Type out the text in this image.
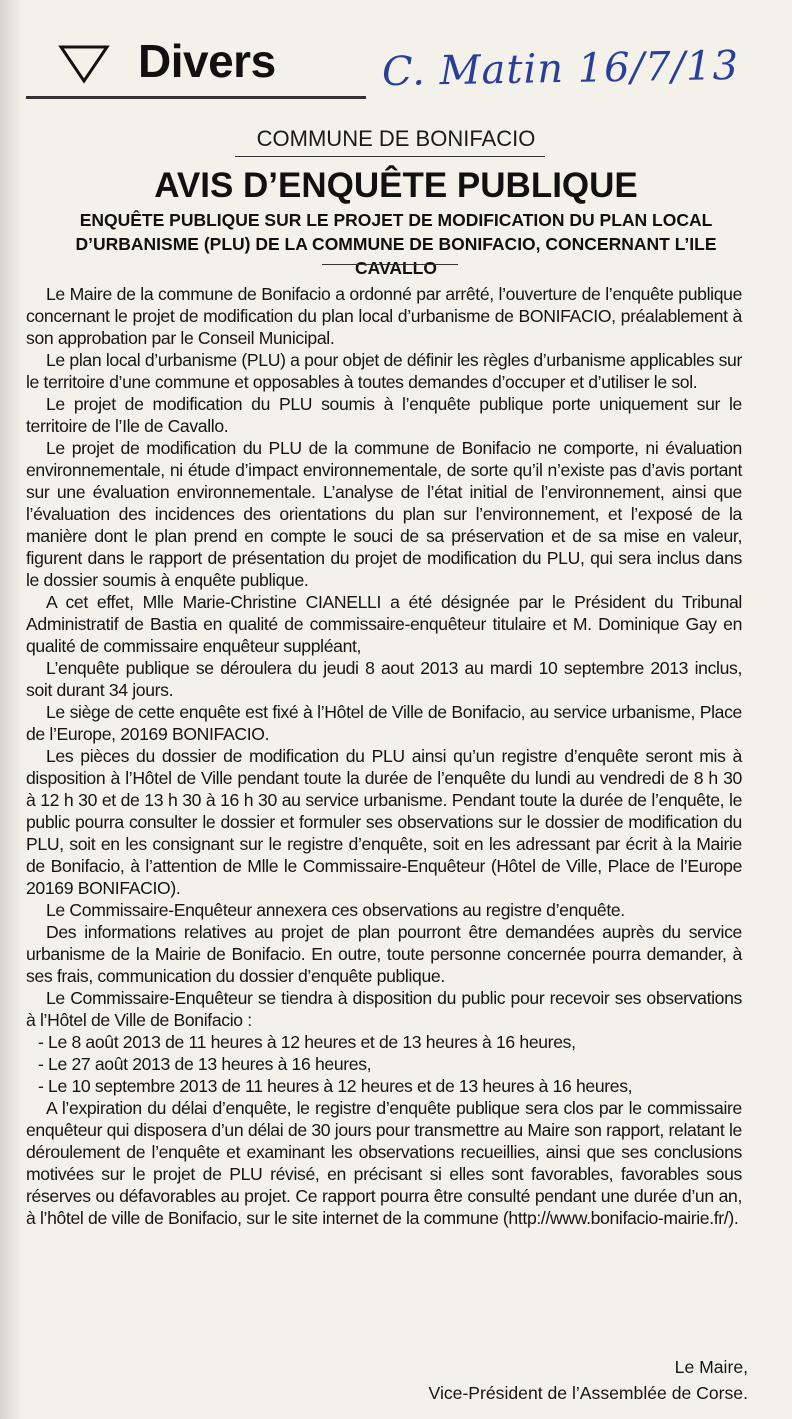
Divers	C. Matin 16/7/13
COMMUNE DE BONIFACIO
AVIS D’ENQUÊTE PUBLIQUE
ENQUÊTE PUBLIQUE SUR LE PROJET DE MODIFICATION DU PLAN LOCAL D’URBANISME (PLU) DE LA COMMUNE DE BONIFACIO, CONCERNANT L’ILE CAVALLO

Le Maire de la commune de Bonifacio a ordonné par arrêté, l’ouverture de l’enquête publique concernant le projet de modification du plan local d’urbanisme de BONIFACIO, préalablement à son approbation par le Conseil Municipal.

Le plan local d’urbanisme (PLU) a pour objet de définir les règles d’urbanisme applicables sur le territoire d’une commune et opposables à toutes demandes d’occuper et d’utiliser le sol.

Le projet de modification du PLU soumis à l’enquête publique porte uniquement sur le territoire de l’Ile de Cavallo.

Le projet de modification du PLU de la commune de Bonifacio ne comporte, ni évaluation environnementale, ni étude d’impact environnementale, de sorte qu’il n’existe pas d’avis portant sur une évaluation environnementale. L’analyse de l’état initial de l’environnement, ainsi que l’évaluation des incidences des orientations du plan sur l’environnement, et l’exposé de la manière dont le plan prend en compte le souci de sa préservation et de sa mise en valeur, figurent dans le rapport de présentation du projet de modification du PLU, qui sera inclus dans le dossier soumis à enquête publique.

A cet effet, Mlle Marie-Christine CIANELLI a été désignée par le Président du Tribunal Administratif de Bastia en qualité de commissaire-enquêteur titulaire et M. Dominique Gay en qualité de commissaire enquêteur suppléant,

L’enquête publique se déroulera du jeudi 8 aout 2013 au mardi 10 septembre 2013 inclus, soit durant 34 jours.

Le siège de cette enquête est fixé à l’Hôtel de Ville de Bonifacio, au service urbanisme, Place de l’Europe, 20169 BONIFACIO.

Les pièces du dossier de modification du PLU ainsi qu’un registre d’enquête seront mis à disposition à l’Hôtel de Ville pendant toute la durée de l’enquête du lundi au vendredi de 8 h 30 à 12 h 30 et de 13 h 30 à 16 h 30 au service urbanisme. Pendant toute la durée de l’enquête, le public pourra consulter le dossier et formuler ses observations sur le dossier de modification du PLU, soit en les consignant sur le registre d’enquête, soit en les adressant par écrit à la Mairie de Bonifacio, à l’attention de Mlle le Commissaire-Enquêteur (Hôtel de Ville, Place de l’Europe 20169 BONIFACIO).

Le Commissaire-Enquêteur annexera ces observations au registre d’enquête.

Des informations relatives au projet de plan pourront être demandées auprès du service urbanisme de la Mairie de Bonifacio. En outre, toute personne concernée pourra demander, à ses frais, communication du dossier d’enquête publique.

Le Commissaire-Enquêteur se tiendra à disposition du public pour recevoir ses observations à l’Hôtel de Ville de Bonifacio :

- Le 8 août 2013 de 11 heures à 12 heures et de 13 heures à 16 heures,

- Le 27 août 2013 de 13 heures à 16 heures,

- Le 10 septembre 2013 de 11 heures à 12 heures et de 13 heures à 16 heures,

A l’expiration du délai d’enquête, le registre d’enquête publique sera clos par le commissaire enquêteur qui disposera d’un délai de 30 jours pour transmettre au Maire son rapport, relatant le déroulement de l’enquête et examinant les observations recueillies, ainsi que ses conclusions motivées sur le projet de PLU révisé, en précisant si elles sont favorables, favorables sous réserves ou défavorables au projet. Ce rapport pourra être consulté pendant une durée d’un an, à l’hôtel de ville de Bonifacio, sur le site internet de la commune (http://www.bonifacio-mairie.fr/).

Le Maire,
Vice-Président de l’Assemblée de Corse.
